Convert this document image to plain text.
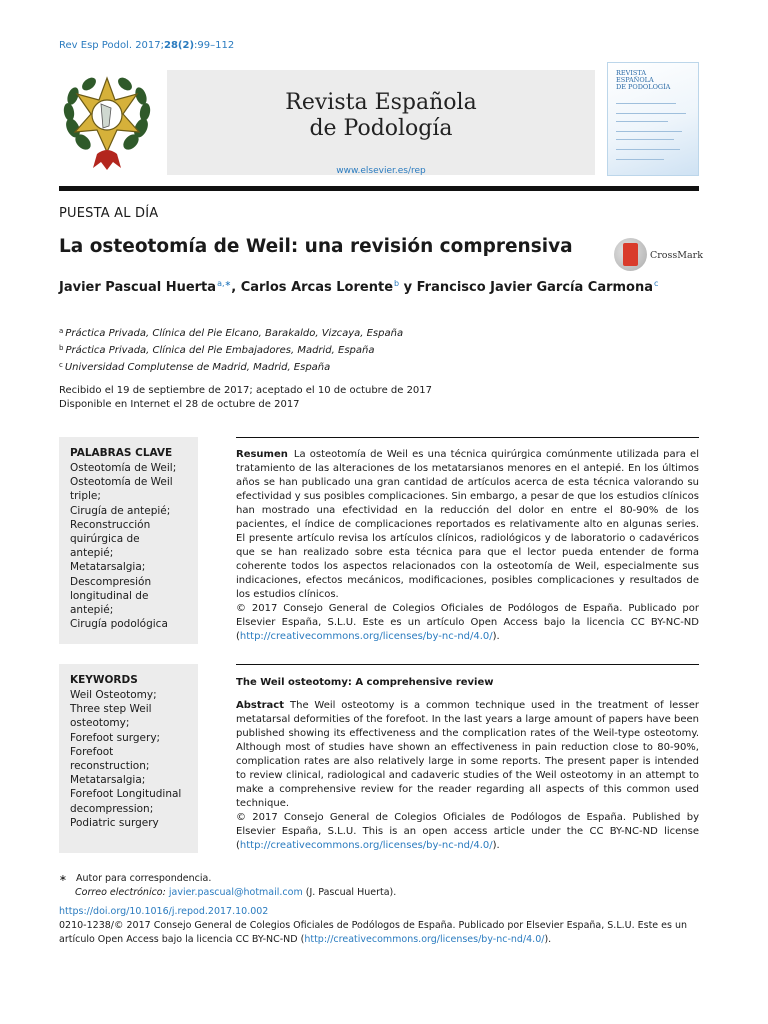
Rev Esp Podol. 2017;28(2):99–112
Revista Española
de Podología
www.elsevier.es/rep
REVISTA
ESPAÑOLA
DE PODOLOGÍA
PUESTA AL DÍA
La osteotomía de Weil: una revisión comprensiva	CrossMark
Javier Pascual Huerta$^{a,∗}$, Carlos Arcas Lorente$^b$ y Francisco Javier García Carmona$^c$
$^a$ Práctica Privada, Clínica del Pie Elcano, Barakaldo, Vizcaya, España
$^b$ Práctica Privada, Clínica del Pie Embajadores, Madrid, España
$^c$ Universidad Complutense de Madrid, Madrid, España
Recibido el 19 de septiembre de 2017; aceptado el 10 de octubre de 2017
Disponible en Internet el 28 de octubre de 2017
PALABRAS CLAVE
Osteotomía de Weil;
Osteotomía de Weil
triple;
Cirugía de antepié;
Reconstrucción
quirúrgica de
antepié;
Metatarsalgia;
Descompresión
longitudinal de
antepié;
Cirugía podológica

Resumen La osteotomía de Weil es una técnica quirúrgica comúnmente utilizada para el tratamiento de las alteraciones de los metatarsianos menores en el antepié. En los últimos años se han publicado una gran cantidad de artículos acerca de esta técnica valorando su efectividad y sus posibles complicaciones. Sin embargo, a pesar de que los estudios clínicos han mostrado una efectividad en la reducción del dolor en entre el 80-90% de los pacientes, el índice de complicaciones reportados es relativamente alto en algunas series. El presente artículo revisa los artículos clínicos, radiológicos y de laboratorio o cadavéricos que se han realizado sobre esta técnica para que el lector pueda entender de forma coherente todos los aspectos relacionados con la osteotomía de Weil, especialmente sus indicaciones, efectos mecánicos, modificaciones, posibles complicaciones y resultados de los estudios clínicos.

© 2017 Consejo General de Colegios Oficiales de Podólogos de España. Publicado por Elsevier España, S.L.U. Este es un artículo Open Access bajo la licencia CC BY-NC-ND (http://creativecommons.org/licenses/by-nc-nd/4.0/).

KEYWORDS
Weil Osteotomy;
Three step Weil
osteotomy;
Forefoot surgery;
Forefoot
reconstruction;
Metatarsalgia;
Forefoot Longitudinal
decompression;
Podiatric surgery
The Weil osteotomy: A comprehensive review

Abstract The Weil osteotomy is a common technique used in the treatment of lesser metatarsal deformities of the forefoot. In the last years a large amount of papers have been published showing its effectiveness and the complication rates of the Weil-type osteotomy. Although most of studies have shown an effectiveness in pain reduction close to 80-90%, complication rates are also relatively large in some reports. The present paper is intended to review clinical, radiological and cadaveric studies of the Weil osteotomy in an attempt to make a comprehensive review for the reader regarding all aspects of this common used technique.

© 2017 Consejo General de Colegios Oficiales de Podólogos de España. Published by Elsevier España, S.L.U. This is an open access article under the CC BY-NC-ND license (http://creativecommons.org/licenses/by-nc-nd/4.0/).

∗ Autor para correspondencia.
Correo electrónico: javier.pascual@hotmail.com (J. Pascual Huerta).
https://doi.org/10.1016/j.repod.2017.10.002
0210-1238/© 2017 Consejo General de Colegios Oficiales de Podólogos de España. Publicado por Elsevier España, S.L.U. Este es un artículo Open Access bajo la licencia CC BY-NC-ND (http://creativecommons.org/licenses/by-nc-nd/4.0/).
